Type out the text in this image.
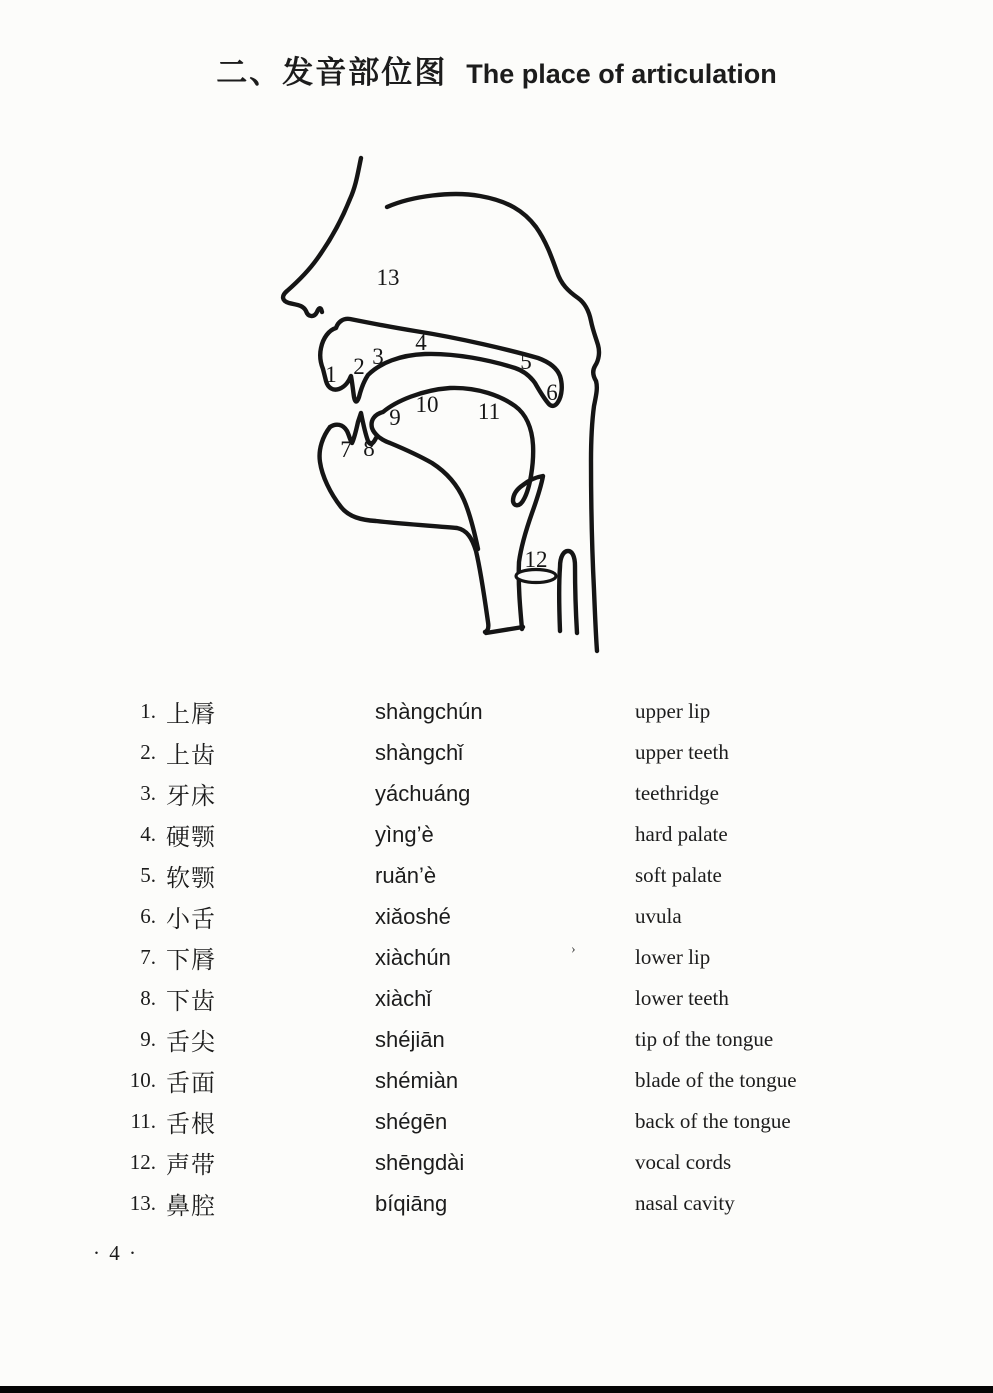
二、发音部位图 The place of articulation
1 2 3
4
5
6
7 8
9
10 11
12
13
1. 上脣	shàngchún	upper lip
2. 上齿	shàngchǐ	upper teeth
3. 牙床	yáchuáng	teethridge
4. 硬颚	yìng’è	hard palate
5. 软颚	ruǎn’è	soft palate
6. 小舌	xiǎoshé	uvula
7. 下脣	xiàchún	lower lip
8. 下齿	xiàchǐ	lower teeth
9. 舌尖	shéjiān	tip of the tongue
10. 舌面	shémiàn	blade of the tongue
11. 舌根	shégēn	back of the tongue
12. 声带	shēngdài	vocal cords
13. 鼻腔	bíqiāng	nasal cavity
›
· 4 ·
